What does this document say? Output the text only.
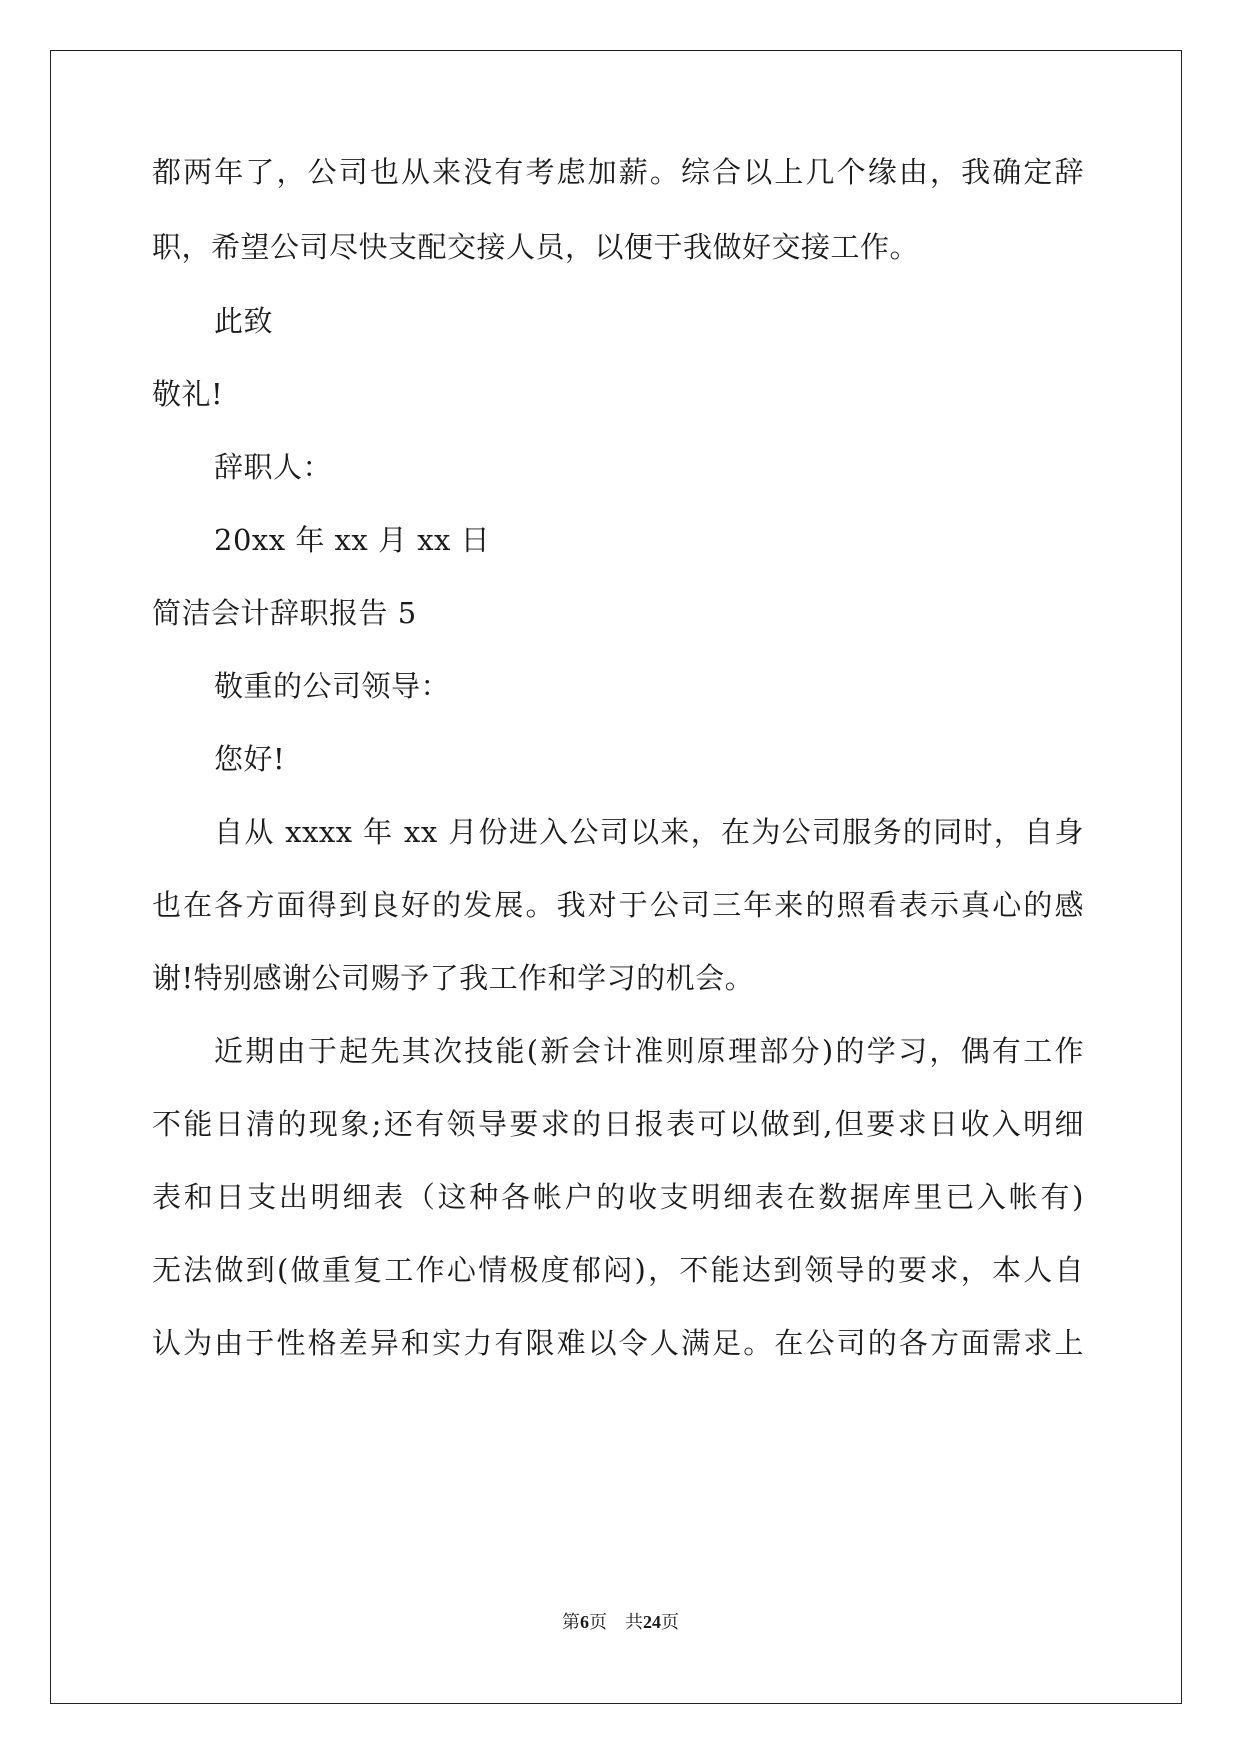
都两年了，公司也从来没有考虑加薪。综合以上几个缘由，我确定辞
职，希望公司尽快支配交接人员，以便于我做好交接工作。
此致
敬礼!
辞职人：
20xx 年 xx 月 xx 日
简洁会计辞职报告 5
敬重的公司领导：
您好!
自从 xxxx 年 xx 月份进入公司以来，在为公司服务的同时，自身
也在各方面得到良好的发展。我对于公司三年来的照看表示真心的感
谢!特别感谢公司赐予了我工作和学习的机会。
近期由于起先其次技能(新会计准则原理部分)的学习，偶有工作
不能日清的现象;还有领导要求的日报表可以做到,但要求日收入明细
表和日支出明细表（这种各帐户的收支明细表在数据库里已入帐有)
无法做到(做重复工作心情极度郁闷)，不能达到领导的要求，本人自
认为由于性格差异和实力有限难以令人满足。在公司的各方面需求上
第6页 共24页
